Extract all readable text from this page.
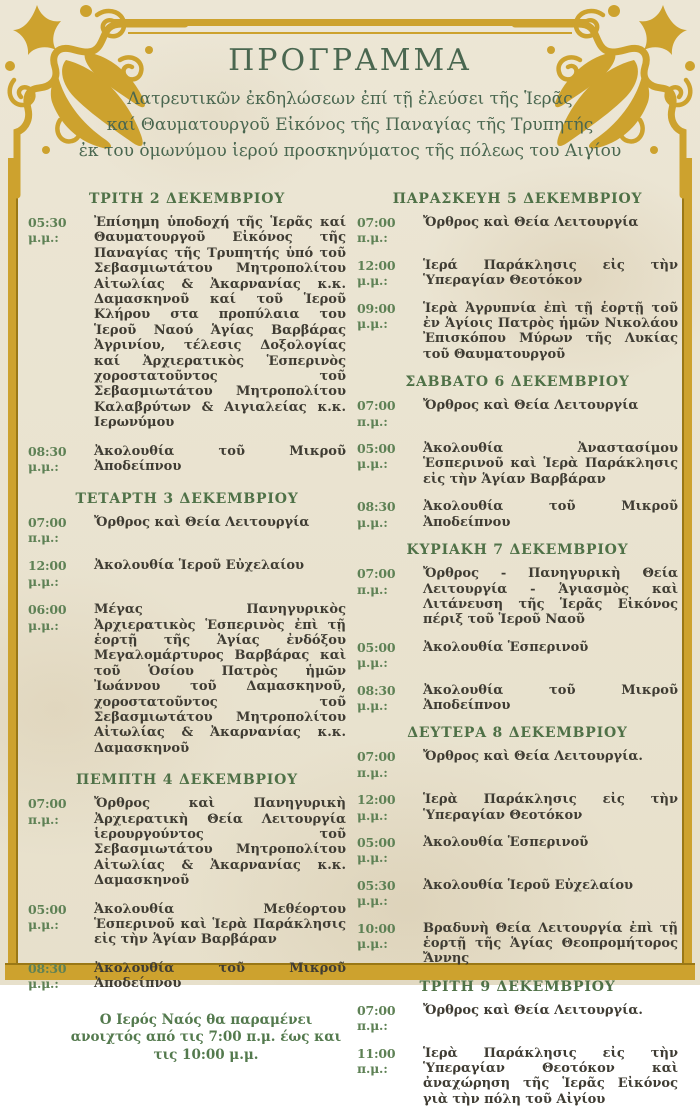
ΠΡΟΓΡΑΜΜΑ
Λατρευτικῶν ἐκδηλώσεων ἐπί τῇ ἐλεύσει τῆς Ἱερᾶς
καί Θαυματουργοῦ Εἰκόνος τῆς Παναγίας τῆς Τρυπητής
ἐκ του ὁμωνύμου ἱερού προσκηνύματος τῆς πόλεως του Αιγίου
ΤΡΙΤΗ 2 ΔΕΚΕΜΒΡΙΟΥ
05:30 μ.μ.:
Ἐπίσημη ὑποδοχή τῆς Ἱερᾶς καί Θαυματουργοῦ Εἰκόνος τῆς Παναγίας τῆς Τρυπητής ὑπό τοῦ Σεβασμιωτάτου Μητροπολίτου Αἰτωλίας & Ἀκαρνανίας κ.κ. Δαμασκηνοῦ καί τοῦ Ἱεροῦ Κλήρου στα προπύλαια του Ἱεροῦ Ναού Ἁγίας Βαρβάρας Ἀγρινίου, τέλεσις Δοξολογίας καί Ἀρχιερατικὸς Ἑσπερινὸς χοροστατοῦντος τοῦ Σεβασμιωτάτου Μητροπολίτου Καλαβρύτων & Αιγιαλείας κ.κ. Ιερωνύμου
08:30 μ.μ.:
Ἀκολουθία τοῦ Μικροῦ Ἀποδείπνου
ΤΕΤΑΡΤΗ 3 ΔΕΚΕΜΒΡΙΟΥ
07:00 π.μ.:
Ὄρθρος καὶ Θεία Λειτουργία
12:00 μ.μ.:
Ἀκολουθία Ἱεροῦ Εὐχελαίου
06:00 μ.μ.:
Μέγας Πανηγυρικὸς Ἀρχιερατικὸς Ἑσπερινὸς ἐπὶ τῇ ἑορτῇ τῆς Ἁγίας ἐνδόξου Μεγαλομάρτυρος Βαρβάρας καὶ τοῦ Ὁσίου Πατρὸς ἡμῶν Ἰωάννου τοῦ Δαμασκηνοῦ, χοροστατοῦντος τοῦ Σεβασμιωτάτου Μητροπολίτου Αἰτωλίας & Ἀκαρνανίας κ.κ. Δαμασκηνοῦ
ΠΕΜΠΤΗ 4 ΔΕΚΕΜΒΡΙΟΥ
07:00 π.μ.:
Ὄρθρος καὶ Πανηγυρικὴ Ἀρχιερατικὴ Θεία Λειτουργία ἱερουργούντος τοῦ Σεβασμιωτάτου Μητροπολίτου Αἰτωλίας & Ἀκαρνανίας κ.κ. Δαμασκηνοῦ
05:00 μ.μ.:
Ἀκολουθία Μεθέορτου Ἑσπερινοῦ καὶ Ἱερὰ Παράκλησις εἰς τὴν Ἁγίαν Βαρβάραν
08:30 μ.μ.:
Ἀκολουθία τοῦ Μικροῦ Ἀποδείπνου
Ο Ιερός Ναός θα παραμένει ανοιχτός από τις 7:00 π.μ. έως και τις 10:00 μ.μ.
ΠΑΡΑΣΚΕΥΗ 5 ΔΕΚΕΜΒΡΙΟΥ
07:00 π.μ.:
Ὄρθρος καὶ Θεία Λειτουργία
12:00 μ.μ.:
Ἱερά Παράκλησις εἰς τὴν Ὑπεραγίαν Θεοτόκον
09:00 μ.μ.:
Ἱερὰ Ἀγρυπνία ἐπὶ τῇ ἑορτῇ τοῦ ἐν Ἁγίοις Πατρὸς ἡμῶν Νικολάου Ἐπισκόπου Μύρων τῆς Λυκίας τοῦ Θαυματουργοῦ
ΣΑΒΒΑΤΟ 6 ΔΕΚΕΜΒΡΙΟΥ
07:00 π.μ.:
Ὄρθρος καὶ Θεία Λειτουργία
05:00 μ.μ.:
Ἀκολουθία Ἀναστασίμου Ἑσπερινοῦ καὶ Ἱερὰ Παράκλησις εἰς τὴν Ἁγίαν Βαρβάραν
08:30 μ.μ.:
Ἀκολουθία τοῦ Μικροῦ Ἀποδείπνου
ΚΥΡΙΑΚΗ 7 ΔΕΚΕΜΒΡΙΟΥ
07:00 π.μ.:
Ὄρθρος - Πανηγυρικὴ Θεία Λειτουργία - Ἁγιασμὸς καὶ Λιτάνευση τῆς Ἱερᾶς Εἰκόνος πέριξ τοῦ Ἱεροῦ Ναοῦ
05:00 μ.μ.:
Ἀκολουθία Ἑσπερινοῦ
08:30 μ.μ.:
Ἀκολουθία τοῦ Μικροῦ Ἀποδείπνου
ΔΕΥΤΕΡΑ 8 ΔΕΚΕΜΒΡΙΟΥ
07:00 π.μ.:
Ὄρθρος καὶ Θεία Λειτουργία.
12:00 μ.μ.:
Ἱερὰ Παράκλησις εἰς τὴν Ὑπεραγίαν Θεοτόκον
05:00 μ.μ.:
Ἀκολουθία Ἑσπερινοῦ
05:30 μ.μ.:
Ἀκολουθία Ἱεροῦ Εὐχελαίου
10:00 μ.μ.:
Βραδυνὴ Θεία Λειτουργία ἐπὶ τῇ ἑορτῇ τῆς Ἁγίας Θεοπρομήτορος Ἄννης
ΤΡΙΤΗ 9 ΔΕΚΕΜΒΡΙΟΥ
07:00 π.μ.:
Ὄρθρος καὶ Θεία Λειτουργία.
11:00 π.μ.:
Ἱερὰ Παράκλησις εἰς τὴν Ὑπεραγίαν Θεοτόκον καὶ ἀναχώρηση τῆς Ἱερᾶς Εἰκόνος γιὰ τὴν πόλη τοῦ Αἰγίου
